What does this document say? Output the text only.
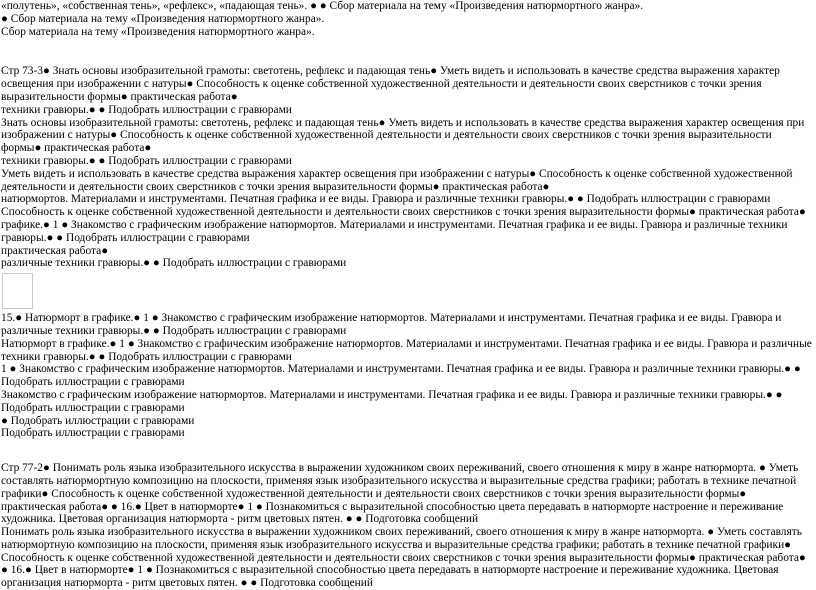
«полутень», «собственная тень», «рефлекс», «падающая тень». ● ● Сбор материала на тему «Произведения натюрмортного жанра».
● Сбор материала на тему «Произведения натюрмортного жанра».
Сбор материала на тему «Произведения натюрмортного жанра».
Стр 73-3● Знать основы изобразительной грамоты: светотень, рефлекс и падающая тень● Уметь видеть и использовать в качестве средства выражения характер освещения при изображении с натуры● Способность к оценке собственной художественной деятельности и деятельности своих сверстников с точки зрения выразительности формы● практическая работа●
техники гравюры.● ● Подобрать иллюстрации с гравюрами
Знать основы изобразительной грамоты: светотень, рефлекс и падающая тень● Уметь видеть и использовать в качестве средства выражения характер освещения при изображении с натуры● Способность к оценке собственной художественной деятельности и деятельности своих сверстников с точки зрения выразительности формы● практическая работа●
техники гравюры.● ● Подобрать иллюстрации с гравюрами
Уметь видеть и использовать в качестве средства выражения характер освещения при изображении с натуры● Способность к оценке собственной художественной деятельности и деятельности своих сверстников с точки зрения выразительности формы● практическая работа●
натюрмортов. Материалами и инструментами. Печатная графика и ее виды. Гравюра и различные техники гравюры.● ● Подобрать иллюстрации с гравюрами
Способность к оценке собственной художественной деятельности и деятельности своих сверстников с точки зрения выразительности формы● практическая работа● графике.● 1 ● Знакомство с графическим изображение натюрмортов. Материалами и инструментами. Печатная графика и ее виды. Гравюра и различные техники гравюры.● ● Подобрать иллюстрации с гравюрами
практическая работа●
различные техники гравюры.● ● Подобрать иллюстрации с гравюрами
15.● Натюрморт в графике.● 1 ● Знакомство с графическим изображение натюрмортов. Материалами и инструментами. Печатная графика и ее виды. Гравюра и различные техники гравюры.● ● Подобрать иллюстрации с гравюрами
Натюрморт в графике.● 1 ● Знакомство с графическим изображение натюрмортов. Материалами и инструментами. Печатная графика и ее виды. Гравюра и различные техники гравюры.● ● Подобрать иллюстрации с гравюрами
1 ● Знакомство с графическим изображение натюрмортов. Материалами и инструментами. Печатная графика и ее виды. Гравюра и различные техники гравюры.● ● Подобрать иллюстрации с гравюрами
Знакомство с графическим изображение натюрмортов. Материалами и инструментами. Печатная графика и ее виды. Гравюра и различные техники гравюры.● ● Подобрать иллюстрации с гравюрами
● Подобрать иллюстрации с гравюрами
Подобрать иллюстрации с гравюрами
Стр 77-2● Понимать роль языка изобразительного искусства в выражении художником своих переживаний, своего отношения к миру в жанре натюрморта. ● Уметь составлять натюрмортную композицию на плоскости, применяя язык изобразительного искусства и выразительные средства графики; работать в технике печатной графики● Способность к оценке собственной художественной деятельности и деятельности своих сверстников с точки зрения выразительности формы● практическая работа● ● 16.● Цвет в натюрморте● 1 ● Познакомиться с выразительной способностью цвета передавать в натюрморте настроение и переживание художника. Цветовая организация натюрморта - ритм цветовых пятен. ● ● Подготовка сообщений
Понимать роль языка изобразительного искусства в выражении художником своих переживаний, своего отношения к миру в жанре натюрморта. ● Уметь составлять натюрмортную композицию на плоскости, применяя язык изобразительного искусства и выразительные средства графики; работать в технике печатной графики● Способность к оценке собственной художественной деятельности и деятельности своих сверстников с точки зрения выразительности формы● практическая работа● ● 16.● Цвет в натюрморте● 1 ● Познакомиться с выразительной способностью цвета передавать в натюрморте настроение и переживание художника. Цветовая организация натюрморта - ритм цветовых пятен. ● ● Подготовка сообщений
